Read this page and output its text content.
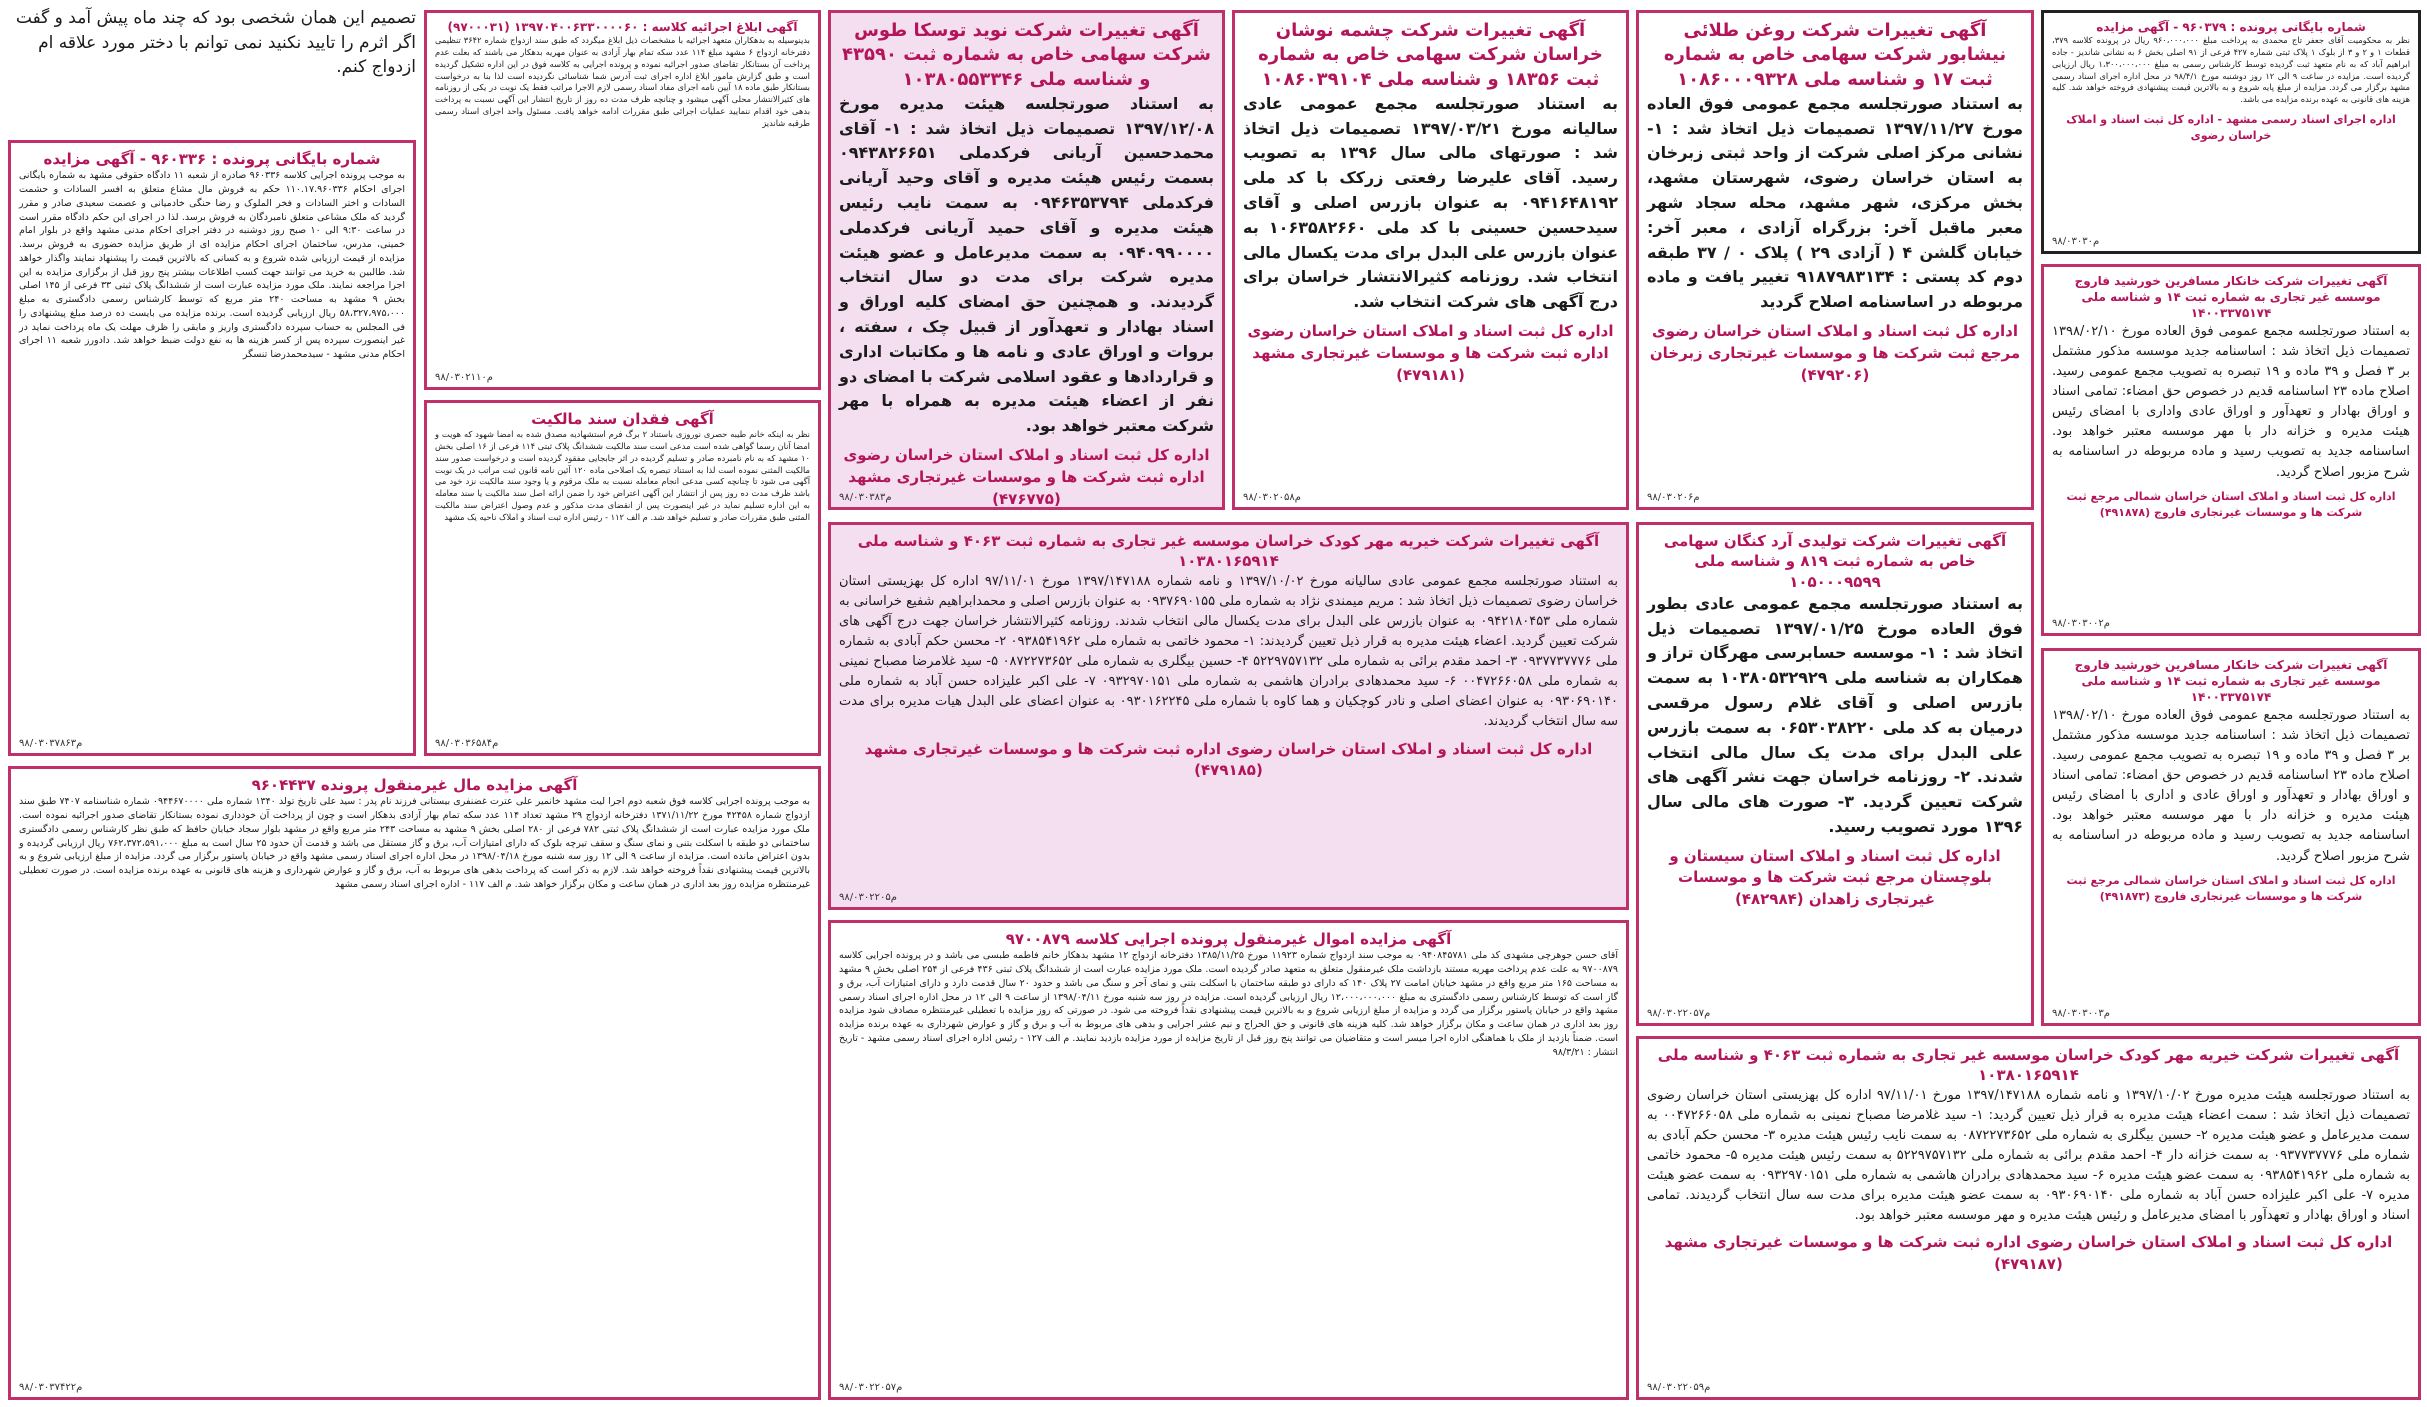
تصمیم این همان شخصی بود که چند ماه پیش آمد و گفت اگر اثرم را تایید نکنید نمی توانم با دختر مورد علاقه ام ازدواج کنم.
شماره بایگانی پرونده : ۹۶۰۳۷۹ - آگهی مزایده
نظر به محکومیت آقای جعفر تاج محمدی به پرداخت مبلغ ۹۶۰،۰۰۰،۰۰۰ ریال در پرونده کلاسه ۳۷۹، قطعات ۱ و ۲ و ۳ از بلوک ۱ پلاک ثبتی شماره ۴۲۷ فرعی از ۹۱ اصلی بخش ۶ به نشانی شاندیز - جاده ابراهیم آباد که به نام متعهد ثبت گردیده توسط کارشناس رسمی به مبلغ ۱،۳۰۰،۰۰۰،۰۰۰ ریال ارزیابی گردیده است. مزایده در ساعت ۹ الی ۱۲ روز دوشنبه مورخ ۹۸/۴/۱ در محل اداره اجرای اسناد رسمی مشهد برگزار می گردد. مزایده از مبلغ پایه شروع و به بالاترین قیمت پیشنهادی فروخته خواهد شد. کلیه هزینه های قانونی به عهده برنده مزایده می باشد.
اداره اجرای اسناد رسمی مشهد - اداره کل ثبت اسناد و املاک خراسان رضوی
۹۸/۰۳۰۳۰م
آگهی تغییرات شرکت خانکار مسافرین خورشید فاروج موسسه غیر تجاری به شماره ثبت ۱۴ و شناسه ملی ۱۴۰۰۳۳۷۵۱۷۴
به استناد صورتجلسه مجمع عمومی فوق العاده مورخ ۱۳۹۸/۰۲/۱۰ تصمیمات ذیل اتخاذ شد : اساسنامه جدید موسسه مذکور مشتمل بر ۳ فصل و ۳۹ ماده و ۱۹ تبصره به تصویب مجمع عمومی رسید. اصلاح ماده ۲۳ اساسنامه قدیم در خصوص حق امضاء: تمامی اسناد و اوراق بهادار و تعهدآور و اوراق عادی واداری با امضای رئیس هیئت مدیره و خزانه دار با مهر موسسه معتبر خواهد بود. اساسنامه جدید به تصویب رسید و ماده مربوطه در اساسنامه به شرح مزبور اصلاح گردید.
اداره کل ثبت اسناد و املاک استان خراسان شمالی مرجع ثبت شرکت ها و موسسات غیرتجاری فاروج (۴۹۱۸۷۸)
۹۸/۰۳۰۳۰۰۲م
آگهی تغییرات شرکت خانکار مسافرین خورشید فاروج موسسه غیر تجاری به شماره ثبت ۱۴ و شناسه ملی ۱۴۰۰۳۳۷۵۱۷۴
به استناد صورتجلسه مجمع عمومی فوق العاده مورخ ۱۳۹۸/۰۲/۱۰ تصمیمات ذیل اتخاذ شد : اساسنامه جدید موسسه مذکور مشتمل بر ۳ فصل و ۳۹ ماده و ۱۹ تبصره به تصویب مجمع عمومی رسید. اصلاح ماده ۲۳ اساسنامه قدیم در خصوص حق امضاء: تمامی اسناد و اوراق بهادار و تعهدآور و اوراق عادی و اداری با امضای رئیس هیئت مدیره و خزانه دار با مهر موسسه معتبر خواهد بود. اساسنامه جدید به تصویب رسید و ماده مربوطه در اساسنامه به شرح مزبور اصلاح گردید.
اداره کل ثبت اسناد و املاک استان خراسان شمالی مرجع ثبت شرکت ها و موسسات غیرتجاری فاروج (۴۹۱۸۷۳)
۹۸/۰۳۰۳۰۰۳م
آگهی تغییرات شرکت روغن طلائی نیشابور شرکت سهامی خاص به شماره ثبت ۱۷ و شناسه ملی ۱۰۸۶۰۰۰۹۳۲۸
به استناد صورتجلسه مجمع عمومی فوق العاده مورخ ۱۳۹۷/۱۱/۲۷ تصمیمات ذیل اتخاذ شد : ۱- نشانی مرکز اصلی شرکت از واحد ثبتی زبرخان به استان خراسان رضوی، شهرستان مشهد، بخش مرکزی، شهر مشهد، محله سجاد شهر معبر ماقبل آخر: بزرگراه آزادی ، معبر آخر: خیابان گلشن ۴ ( آزادی ۲۹ ) پلاک ۰ / ۳۷ طبقه دوم کد پستی : ۹۱۸۷۹۸۳۱۳۴ تغییر یافت و ماده مربوطه در اساسنامه اصلاح گردید
اداره کل ثبت اسناد و املاک استان خراسان رضوی مرجع ثبت شرکت ها و موسسات غیرتجاری زبرخان (۴۷۹۲۰۶)
۹۸/۰۳۰۲۰۶م
آگهی تغییرات شرکت تولیدی آرد کنگان سهامی خاص به شماره ثبت ۸۱۹ و شناسه ملی ۱۰۵۰۰۰۹۵۹۹
به استناد صورتجلسه مجمع عمومی عادی بطور فوق العاده مورخ ۱۳۹۷/۰۱/۲۵ تصمیمات ذیل اتخاذ شد : ۱- موسسه حسابرسی مهرگان تراز و همکاران به شناسه ملی ۱۰۳۸۰۵۳۲۹۲۹ به سمت بازرس اصلی و آقای غلام رسول مرقسی درمیان به کد ملی ۰۶۵۳۰۳۸۲۲۰ به سمت بازرس علی البدل برای مدت یک سال مالی انتخاب شدند. ۲- روزنامه خراسان جهت نشر آگهی های شرکت تعیین گردید. ۳- صورت های مالی سال ۱۳۹۶ مورد تصویب رسید.
اداره کل ثبت اسناد و املاک استان سیستان و بلوچستان مرجع ثبت شرکت ها و موسسات غیرتجاری زاهدان (۴۸۲۹۸۴)
۹۸/۰۳۰۲۲۰۵۷م
آگهی تغییرات شرکت خیریه مهر کودک خراسان موسسه غیر تجاری به شماره ثبت ۴۰۶۳ و شناسه ملی ۱۰۳۸۰۱۶۵۹۱۴
به استناد صورتجلسه هیئت مدیره مورخ ۱۳۹۷/۱۰/۰۲ و نامه شماره ۱۳۹۷/۱۴۷۱۸۸ مورخ ۹۷/۱۱/۰۱ اداره کل بهزیستی استان خراسان رضوی تصمیمات ذیل اتخاذ شد : سمت اعضاء هیئت مدیره به قرار ذیل تعیین گردید: ۱- سید غلامرضا مصباح نمینی به شماره ملی ۰۰۴۷۲۶۶۰۵۸ به سمت مدیرعامل و عضو هیئت مدیره ۲- حسین بیگلری به شماره ملی ۰۸۷۲۲۷۳۶۵۲ به سمت نایب رئیس هیئت مدیره ۳- محسن حکم آبادی به شماره ملی ۰۹۳۷۷۳۷۷۷۶ به سمت خزانه دار ۴- احمد مقدم برائی به شماره ملی ۵۲۲۹۷۵۷۱۳۲ به سمت رئیس هیئت مدیره ۵- محمود خاتمی به شماره ملی ۰۹۳۸۵۴۱۹۶۲ به سمت عضو هیئت مدیره ۶- سید محمدهادی برادران هاشمی به شماره ملی ۰۹۳۲۹۷۰۱۵۱ به سمت عضو هیئت مدیره ۷- علی اکبر علیزاده حسن آباد به شماره ملی ۰۹۳۰۶۹۰۱۴۰ به سمت عضو هیئت مدیره برای مدت سه سال انتخاب گردیدند. تمامی اسناد و اوراق بهادار و تعهدآور با امضای مدیرعامل و رئیس هیئت مدیره و مهر موسسه معتبر خواهد بود.
اداره کل ثبت اسناد و املاک استان خراسان رضوی اداره ثبت شرکت ها و موسسات غیرتجاری مشهد (۴۷۹۱۸۷)
۹۸/۰۳۰۲۲۰۵۹م
آگهی تغییرات شرکت چشمه نوشان خراسان شرکت سهامی خاص به شماره ثبت ۱۸۳۵۶ و شناسه ملی ۱۰۸۶۰۳۹۱۰۴
به استناد صورتجلسه مجمع عمومی عادی سالیانه مورخ ۱۳۹۷/۰۳/۲۱ تصمیمات ذیل اتخاذ شد : صورتهای مالی سال ۱۳۹۶ به تصویب رسید. آقای علیرضا رفعتی زرکک با کد ملی ۰۹۴۱۶۴۸۱۹۲ به عنوان بازرس اصلی و آقای سیدحسین حسینی با کد ملی ۱۰۶۳۵۸۲۶۶۰ به عنوان بازرس علی البدل برای مدت یکسال مالی انتخاب شد. روزنامه کثیرالانتشار خراسان برای درج آگهی های شرکت انتخاب شد.
اداره کل ثبت اسناد و املاک استان خراسان رضوی اداره ثبت شرکت ها و موسسات غیرتجاری مشهد (۴۷۹۱۸۱)
۹۸/۰۳۰۲۰۵۸م
آگهی تغییرات شرکت نوید توسکا طوس شرکت سهامی خاص به شماره ثبت ۴۳۵۹۰ و شناسه ملی ۱۰۳۸۰۵۵۳۳۴۶
به استناد صورتجلسه هیئت مدیره مورخ ۱۳۹۷/۱۲/۰۸ تصمیمات ذیل اتخاذ شد : ۱- آقای محمدحسین آریانی فرکدملی ۰۹۴۳۸۲۶۶۵۱ بسمت رئیس هیئت مدیره و آقای وحید آریانی فرکدملی ۰۹۴۶۳۵۳۷۹۴ به سمت نایب رئیس هیئت مدیره و آقای حمید آریانی فرکدملی ۰۹۴۰۹۹۰۰۰۰ به سمت مدیرعامل و عضو هیئت مدیره شرکت برای مدت دو سال انتخاب گردیدند. و همچنین حق امضای کلیه اوراق و اسناد بهادار و تعهدآور از قبیل چک ، سفته ، بروات و اوراق عادی و نامه ها و مکاتبات اداری و قراردادها و عقود اسلامی شرکت با امضای دو نفر از اعضاء هیئت مدیره به همراه با مهر شرکت معتبر خواهد بود.
اداره کل ثبت اسناد و املاک استان خراسان رضوی اداره ثبت شرکت ها و موسسات غیرتجاری مشهد (۴۷۶۷۷۵)
۹۸/۰۳۰۳۸۳م
آگهی تغییرات شرکت خیریه مهر کودک خراسان موسسه غیر تجاری به شماره ثبت ۴۰۶۳ و شناسه ملی ۱۰۳۸۰۱۶۵۹۱۴
به استناد صورتجلسه مجمع عمومی عادی سالیانه مورخ ۱۳۹۷/۱۰/۰۲ و نامه شماره ۱۳۹۷/۱۴۷۱۸۸ مورخ ۹۷/۱۱/۰۱ اداره کل بهزیستی استان خراسان رضوی تصمیمات ذیل اتخاذ شد : مریم میمندی نژاد به شماره ملی ۰۹۳۷۶۹۰۱۵۵ به عنوان بازرس اصلی و محمدابراهیم شفیع خراسانی به شماره ملی ۰۹۴۲۱۸۰۴۵۳ به عنوان بازرس علی البدل برای مدت یکسال مالی انتخاب شدند. روزنامه کثیرالانتشار خراسان جهت درج آگهی های شرکت تعیین گردید. اعضاء هیئت مدیره به قرار ذیل تعیین گردیدند: ۱- محمود خاتمی به شماره ملی ۰۹۳۸۵۴۱۹۶۲ ۲- محسن حکم آبادی به شماره ملی ۰۹۳۷۷۳۷۷۷۶ ۳- احمد مقدم برائی به شماره ملی ۵۲۲۹۷۵۷۱۳۲ ۴- حسین بیگلری به شماره ملی ۰۸۷۲۲۷۳۶۵۲ ۵- سید غلامرضا مصباح نمینی به شماره ملی ۰۰۴۷۲۶۶۰۵۸ ۶- سید محمدهادی برادران هاشمی به شماره ملی ۰۹۳۲۹۷۰۱۵۱ ۷- علی اکبر علیزاده حسن آباد به شماره ملی ۰۹۳۰۶۹۰۱۴۰ به عنوان اعضای اصلی و نادر کوچکیان و هما کاوه با شماره ملی ۰۹۳۰۱۶۲۲۴۵ به عنوان اعضای علی البدل هیات مدیره برای مدت سه سال انتخاب گردیدند.
اداره کل ثبت اسناد و املاک استان خراسان رضوی اداره ثبت شرکت ها و موسسات غیرتجاری مشهد (۴۷۹۱۸۵)
۹۸/۰۳۰۲۲۰۵م
آگهی مزایده اموال غیرمنقول پرونده اجرایی کلاسه ۹۷۰۰۸۷۹
آقای حسن جوهرچی مشهدی کد ملی ۰۹۴۰۸۴۵۷۸۱ به موجب سند ازدواج شماره ۱۱۹۲۳ مورخ ۱۳۸۵/۱۱/۲۵ دفترخانه ازدواج ۱۲ مشهد بدهکار خانم فاطمه طبسی می باشد و در پرونده اجرایی کلاسه ۹۷۰۰۸۷۹ به علت عدم پرداخت مهریه مستند بازداشت ملک غیرمنقول متعلق به متعهد صادر گردیده است. ملک مورد مزایده عبارت است از ششدانگ پلاک ثبتی ۴۳۶ فرعی از ۲۵۴ اصلی بخش ۹ مشهد به مساحت ۱۶۵ متر مربع واقع در مشهد خیابان امامت ۲۷ پلاک ۱۴۰ که دارای دو طبقه ساختمان با اسکلت بتنی و نمای آجر و سنگ می باشد و حدود ۲۰ سال قدمت دارد و دارای امتیازات آب، برق و گاز است که توسط کارشناس رسمی دادگستری به مبلغ ۱۲،۰۰۰،۰۰۰،۰۰۰ ریال ارزیابی گردیده است. مزایده در روز سه شنبه مورخ ۱۳۹۸/۰۴/۱۱ از ساعت ۹ الی ۱۲ در محل اداره اجرای اسناد رسمی مشهد واقع در خیابان پاستور برگزار می گردد و مزایده از مبلغ ارزیابی شروع و به بالاترین قیمت پیشنهادی نقداً فروخته می شود. در صورتی که روز مزایده با تعطیلی غیرمنتظره مصادف شود مزایده روز بعد اداری در همان ساعت و مکان برگزار خواهد شد. کلیه هزینه های قانونی و حق الحراج و نیم عشر اجرایی و بدهی های مربوط به آب و برق و گاز و عوارض شهرداری به عهده برنده مزایده است. ضمناً بازدید از ملک با هماهنگی اداره اجرا میسر است و متقاضیان می توانند پنج روز قبل از تاریخ مزایده از مورد مزایده بازدید نمایند. م الف ۱۲۷ - رئیس اداره اجرای اسناد رسمی مشهد - تاریخ انتشار : ۹۸/۳/۲۱
۹۸/۰۳۰۲۲۰۵۷م
آگهی ابلاغ اجرائیه کلاسه : ۱۳۹۷۰۴۰۰۶۳۳۰۰۰۰۶۰ (۹۷۰۰۰۳۱)
بدینوسیله به بدهکاران متعهد اجرائیه با مشخصات ذیل ابلاغ میگردد که طبق سند ازدواج شماره ۳۶۴۲ تنظیمی دفترخانه ازدواج ۶ مشهد مبلغ ۱۱۴ عدد سکه تمام بهار آزادی به عنوان مهریه بدهکار می باشند که بعلت عدم پرداخت آن بستانکار تقاضای صدور اجرائیه نموده و پرونده اجرایی به کلاسه فوق در این اداره تشکیل گردیده است و طبق گزارش مامور ابلاغ اداره اجرای ثبت آدرس شما شناسائی نگردیده است لذا بنا به درخواست بستانکار طبق ماده ۱۸ آیین نامه اجرای مفاد اسناد رسمی لازم الاجرا مراتب فقط یک نوبت در یکی از روزنامه های کثیرالانتشار محلی آگهی میشود و چنانچه ظرف مدت ده روز از تاریخ انتشار این آگهی نسبت به پرداخت بدهی خود اقدام ننمایید عملیات اجرائی طبق مقررات ادامه خواهد یافت. مسئول واحد اجرای اسناد رسمی طرقبه شاندیز
۹۸/۰۳۰۲۱۱۰م
آگهی فقدان سند مالکیت
نظر به اینکه خانم طیبه حصری نوروزی باستناد ۲ برگ فرم استشهادیه مصدق شده به امضا شهود که هویت و امضا آنان رسما گواهی شده است مدعی است سند مالکیت ششدانگ پلاک ثبتی ۱۱۴ فرعی از ۱۶ اصلی بخش ۱۰ مشهد که به نام نامبرده صادر و تسلیم گردیده در اثر جابجایی مفقود گردیده است و درخواست صدور سند مالکیت المثنی نموده است لذا به استناد تبصره یک اصلاحی ماده ۱۲۰ آئین نامه قانون ثبت مراتب در یک نوبت آگهی می شود تا چنانچه کسی مدعی انجام معامله نسبت به ملک مرقوم و یا وجود سند مالکیت نزد خود می باشد ظرف مدت ده روز پس از انتشار این آگهی اعتراض خود را ضمن ارائه اصل سند مالکیت یا سند معامله به این اداره تسلیم نماید در غیر اینصورت پس از انقضای مدت مذکور و عدم وصول اعتراض سند مالکیت المثنی طبق مقررات صادر و تسلیم خواهد شد. م الف ۱۱۲ - رئیس اداره ثبت اسناد و املاک ناحیه یک مشهد
۹۸/۰۳۰۳۶۵۸۴م
شماره بایگانی پرونده : ۹۶۰۳۳۶ - آگهی مزایده
به موجب پرونده اجرایی کلاسه ۹۶۰۳۳۶ صادره از شعبه ۱۱ دادگاه حقوقی مشهد به شماره بایگانی اجرای احکام ۱۱۰.۱۷.۹۶۰۳۳۶ حکم به فروش مال مشاع متعلق به افسر السادات و حشمت السادات و اختر السادات و فخر الملوک و رضا حنگی خادمیانی و عصمت سعیدی صادر و مقرر گردید که ملک مشاعی متعلق نامبردگان به فروش برسد. لذا در اجرای این حکم دادگاه مقرر است در ساعت ۹:۳۰ الی ۱۰ صبح روز دوشنبه در دفتر اجرای احکام مدنی مشهد واقع در بلوار امام خمینی، مدرس، ساختمان اجرای احکام مزایده ای از طریق مزایده حضوری به فروش برسد. مزایده از قیمت ارزیابی شده شروع و به کسانی که بالاترین قیمت را پیشنهاد نمایند واگذار خواهد شد. طالبین به خرید می توانند جهت کسب اطلاعات بیشتر پنج روز قبل از برگزاری مزایده به این اجرا مراجعه نمایند. ملک مورد مزایده عبارت است از ششدانگ پلاک ثبتی ۳۳ فرعی از ۱۴۵ اصلی بخش ۹ مشهد به مساحت ۲۴۰ متر مربع که توسط کارشناس رسمی دادگستری به مبلغ ۵۸،۳۲۷،۹۷۵،۰۰۰ ریال ارزیابی گردیده است. برنده مزایده می بایست ده درصد مبلغ پیشنهادی را فی المجلس به حساب سپرده دادگستری واریز و مابقی را ظرف مهلت یک ماه پرداخت نماید در غیر اینصورت سپرده پس از کسر هزینه ها به نفع دولت ضبط خواهد شد. دادورز شعبه ۱۱ اجرای احکام مدنی مشهد - سیدمحمدرضا تنسگر
۹۸/۰۳۰۳۷۸۶۳م
آگهی مزایده مال غیرمنقول پرونده ۹۶۰۴۴۳۷
به موجب پرونده اجرایی کلاسه فوق شعبه دوم اجرا لیت مشهد خانمیر علی عترت غضنفری بیستانی فرزند نام پدر : سید علی تاریخ تولد ۱۳۴۰ شماره ملی ۰۹۴۴۶۷۰۰۰۰ شماره شناسنامه ۷۴۰۷ طبق سند ازدواج شماره ۴۲۴۵۸ مورخ ۱۳۷۱/۱۱/۲۲ دفترخانه ازدواج ۲۹ مشهد تعداد ۱۱۴ عدد سکه تمام بهار آزادی بدهکار است و چون از پرداخت آن خودداری نموده بستانکار تقاضای صدور اجرائیه نموده است. ملک مورد مزایده عبارت است از ششدانگ پلاک ثبتی ۷۸۲ فرعی از ۲۸۰ اصلی بخش ۹ مشهد به مساحت ۲۴۳ متر مربع واقع در مشهد بلوار سجاد خیابان حافظ که طبق نظر کارشناس رسمی دادگستری ساختمانی دو طبقه با اسکلت بتنی و نمای سنگ و سقف تیرچه بلوک که دارای امتیازات آب، برق و گاز مستقل می باشد و قدمت آن حدود ۲۵ سال است به مبلغ ۷۶۲،۳۷۲،۵۹۱،۰۰۰ ریال ارزیابی گردیده و بدون اعتراض مانده است. مزایده از ساعت ۹ الی ۱۲ روز سه شنبه مورخ ۱۳۹۸/۰۴/۱۸ در محل اداره اجرای اسناد رسمی مشهد واقع در خیابان پاستور برگزار می گردد. مزایده از مبلغ ارزیابی شروع و به بالاترین قیمت پیشنهادی نقداً فروخته خواهد شد. لازم به ذکر است که پرداخت بدهی های مربوط به آب، برق و گاز و عوارض شهرداری و هزینه های قانونی به عهده برنده مزایده است. در صورت تعطیلی غیرمنتظره مزایده روز بعد اداری در همان ساعت و مکان برگزار خواهد شد. م الف ۱۱۷ - اداره اجرای اسناد رسمی مشهد
۹۸/۰۳۰۳۷۴۲۲م
